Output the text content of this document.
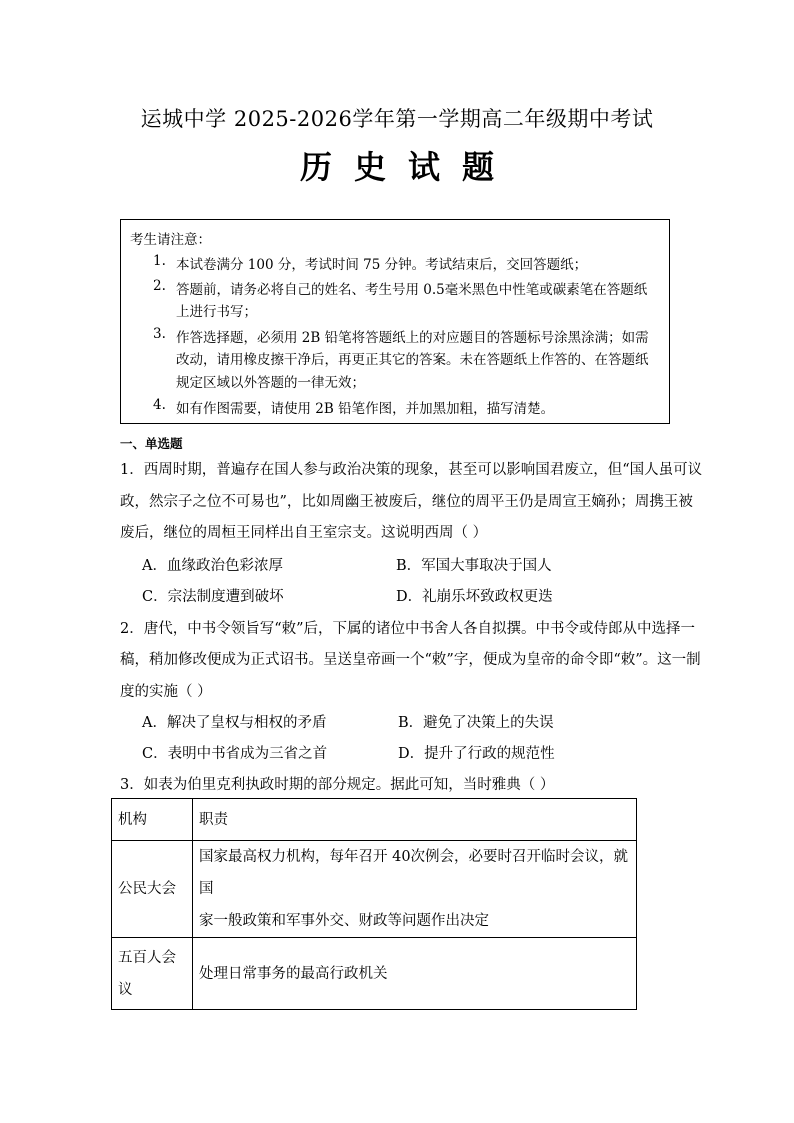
运城中学 2025-2026学年第一学期高二年级期中考试
历史试题
考生请注意：
1. 本试卷满分 100 分，考试时间 75 分钟。考试结束后，交回答题纸；
2. 答题前，请务必将自己的姓名、考生号用 0.5毫米黑色中性笔或碳素笔在答题纸
上进行书写；
3. 作答选择题，必须用 2B 铅笔将答题纸上的对应题目的答题标号涂黑涂满；如需
改动，请用橡皮擦干净后，再更正其它的答案。未在答题纸上作答的、在答题纸
规定区域以外答题的一律无效；
4. 如有作图需要，请使用 2B 铅笔作图，并加黑加粗，描写清楚。
一、单选题
1．西周时期，普遍存在国人参与政治决策的现象，甚至可以影响国君废立，但“国人虽可议
政，然宗子之位不可易也”，比如周幽王被废后，继位的周平王仍是周宣王嫡孙；周携王被
废后，继位的周桓王同样出自王室宗支。这说明西周（ ）
A．血缘政治色彩浓厚	B．军国大事取决于国人
C．宗法制度遭到破坏	D．礼崩乐坏致政权更迭
2．唐代，中书令领旨写“敕”后，下属的诸位中书舍人各自拟撰。中书令或侍郎从中选择一
稿，稍加修改便成为正式诏书。呈送皇帝画一个“敕”字，便成为皇帝的命令即“敕”。这一制
度的实施（ ）
A．解决了皇权与相权的矛盾	B．避免了决策上的失误
C．表明中书省成为三省之首	D．提升了行政的规范性
3．如表为伯里克利执政时期的部分规定。据此可知，当时雅典（ ）
机构	职责
公民大会	国家最高权力机构，每年召开 40次例会，必要时召开临时会议，就国
家一般政策和军事外交、财政等问题作出决定

五百人会
议	处理日常事务的最高行政机关
